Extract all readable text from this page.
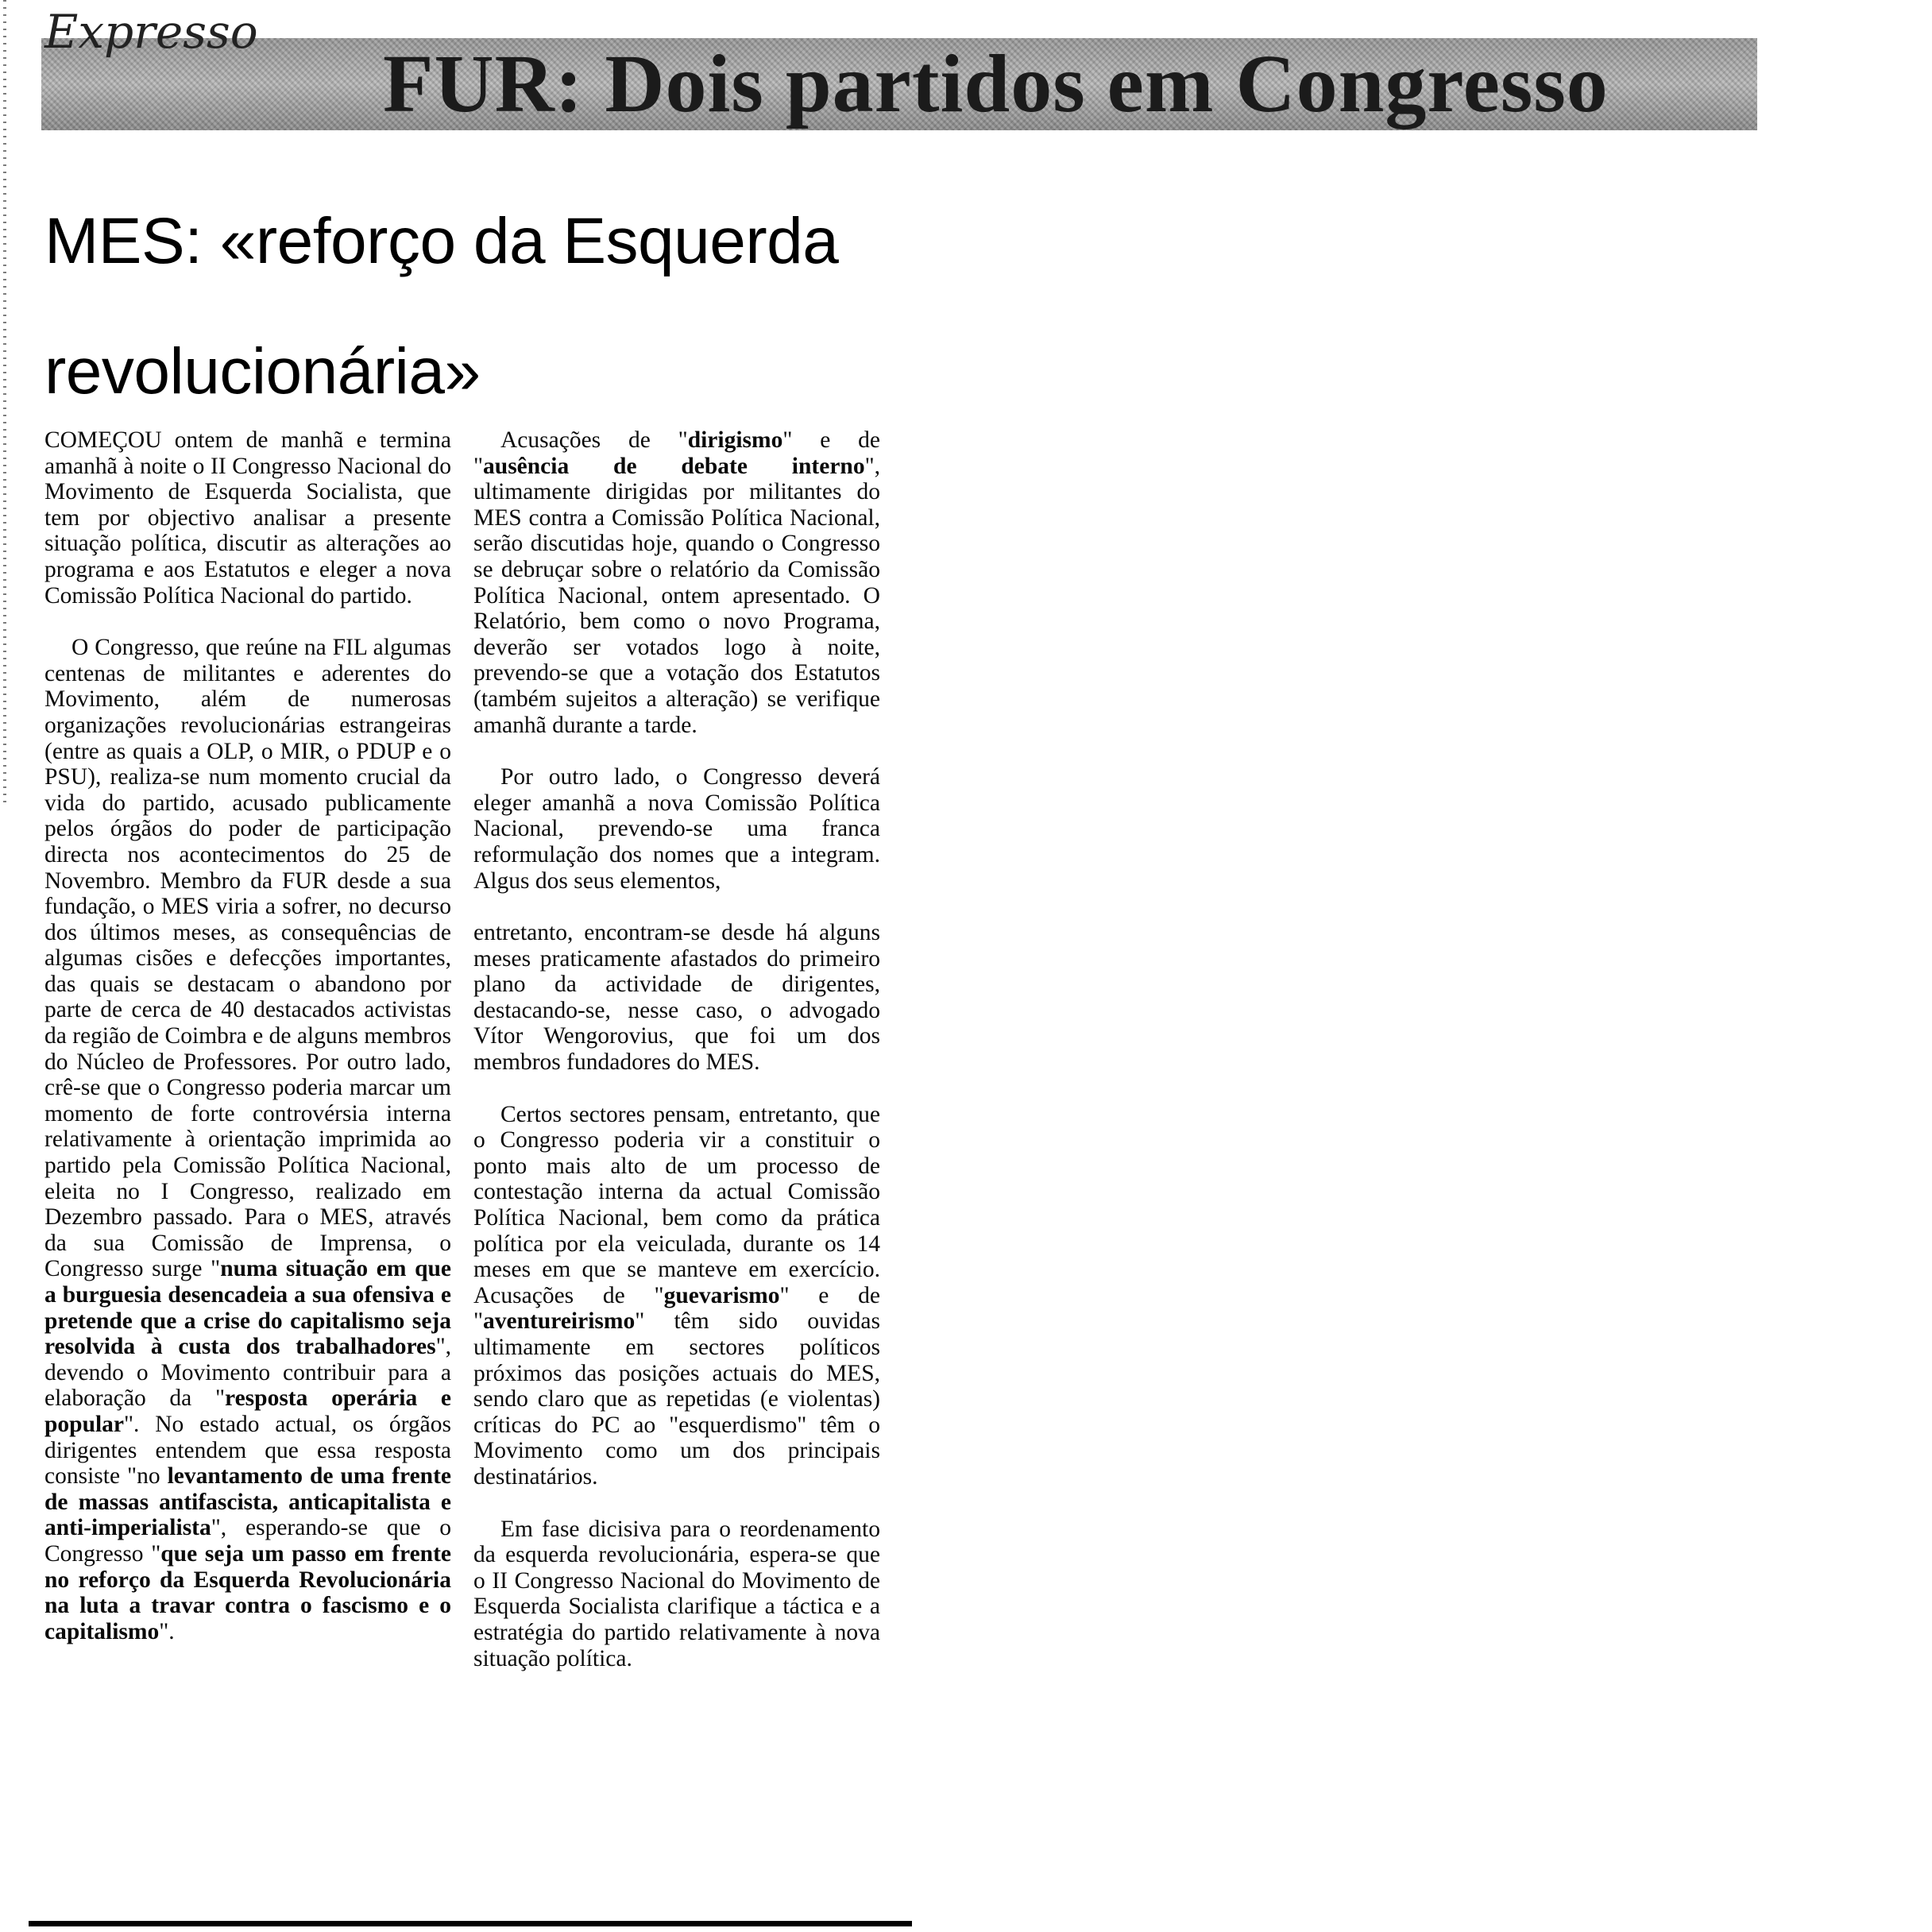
Expresso
FUR: Dois partidos em Congresso
MES: «reforço da Esquerda revolucionária»

COMEÇOU ontem de manhã e termina amanhã à noite o II Congresso Nacional do Movimento de Esquerda Socialista, que tem por objectivo analisar a presente situação política, discutir as alterações ao programa e aos Estatutos e eleger a nova Comissão Política Nacional do partido.

O Congresso, que reúne na FIL algumas centenas de militantes e aderentes do Movimento, além de numerosas organizações revolucionárias estrangeiras (entre as quais a OLP, o MIR, o PDUP e o PSU), realiza-se num momento crucial da vida do partido, acusado publicamente pelos órgãos do poder de participação directa nos acontecimentos do 25 de Novembro. Membro da FUR desde a sua fundação, o MES viria a sofrer, no decurso dos últimos meses, as consequências de algumas cisões e defecções importantes, das quais se destacam o abandono por parte de cerca de 40 destacados activistas da região de Coimbra e de alguns membros do Núcleo de Professores. Por outro lado, crê-se que o Congresso poderia marcar um momento de forte controvérsia interna relativamente à orientação imprimida ao partido pela Comissão Política Nacional, eleita no I Congresso, realizado em Dezembro passado. Para o MES, através da sua Comissão de Imprensa, o Congresso surge "numa situação em que a burguesia desencadeia a sua ofensiva e pretende que a crise do capitalismo seja resolvida à custa dos trabalhadores", devendo o Movimento contribuir para a elaboração da "resposta operária e popular". No estado actual, os órgãos dirigentes entendem que essa resposta consiste "no levantamento de uma frente de massas antifascista, anticapitalista e anti-imperialista", esperando-se que o Congresso "que seja um passo em frente no reforço da Esquerda Revolucionária na luta a travar contra o fascismo e o capitalismo".

Acusações de "dirigismo" e de "ausência de debate interno", ultimamente dirigidas por militantes do MES contra a Comissão Política Nacional, serão discutidas hoje, quando o Congresso se debruçar sobre o relatório da Comissão Política Nacional, ontem apresentado. O Relatório, bem como o novo Programa, deverão ser votados logo à noite, prevendo-se que a votação dos Estatutos (também sujeitos a alteração) se verifique amanhã durante a tarde.

Por outro lado, o Congresso deverá eleger amanhã a nova Comissão Política Nacional, prevendo-se uma franca reformulação dos nomes que a integram. Algus dos seus elementos,

entretanto, encontram-se desde há alguns meses praticamente afastados do primeiro plano da actividade de dirigentes, destacando-se, nesse caso, o advogado Vítor Wengorovius, que foi um dos membros fundadores do MES.

Certos sectores pensam, entretanto, que o Congresso poderia vir a constituir o ponto mais alto de um processo de contestação interna da actual Comissão Política Nacional, bem como da prática política por ela veiculada, durante os 14 meses em que se manteve em exercício. Acusações de "guevarismo" e de "aventureirismo" têm sido ouvidas ultimamente em sectores políticos próximos das posições actuais do MES, sendo claro que as repetidas (e violentas) críticas do PC ao "esquerdismo" têm o Movimento como um dos principais destinatários.

Em fase dicisiva para o reordenamento da esquerda revolucionária, espera-se que o II Congresso Nacional do Movimento de Esquerda Socialista clarifique a táctica e a estratégia do partido relativamente à nova situação política.
